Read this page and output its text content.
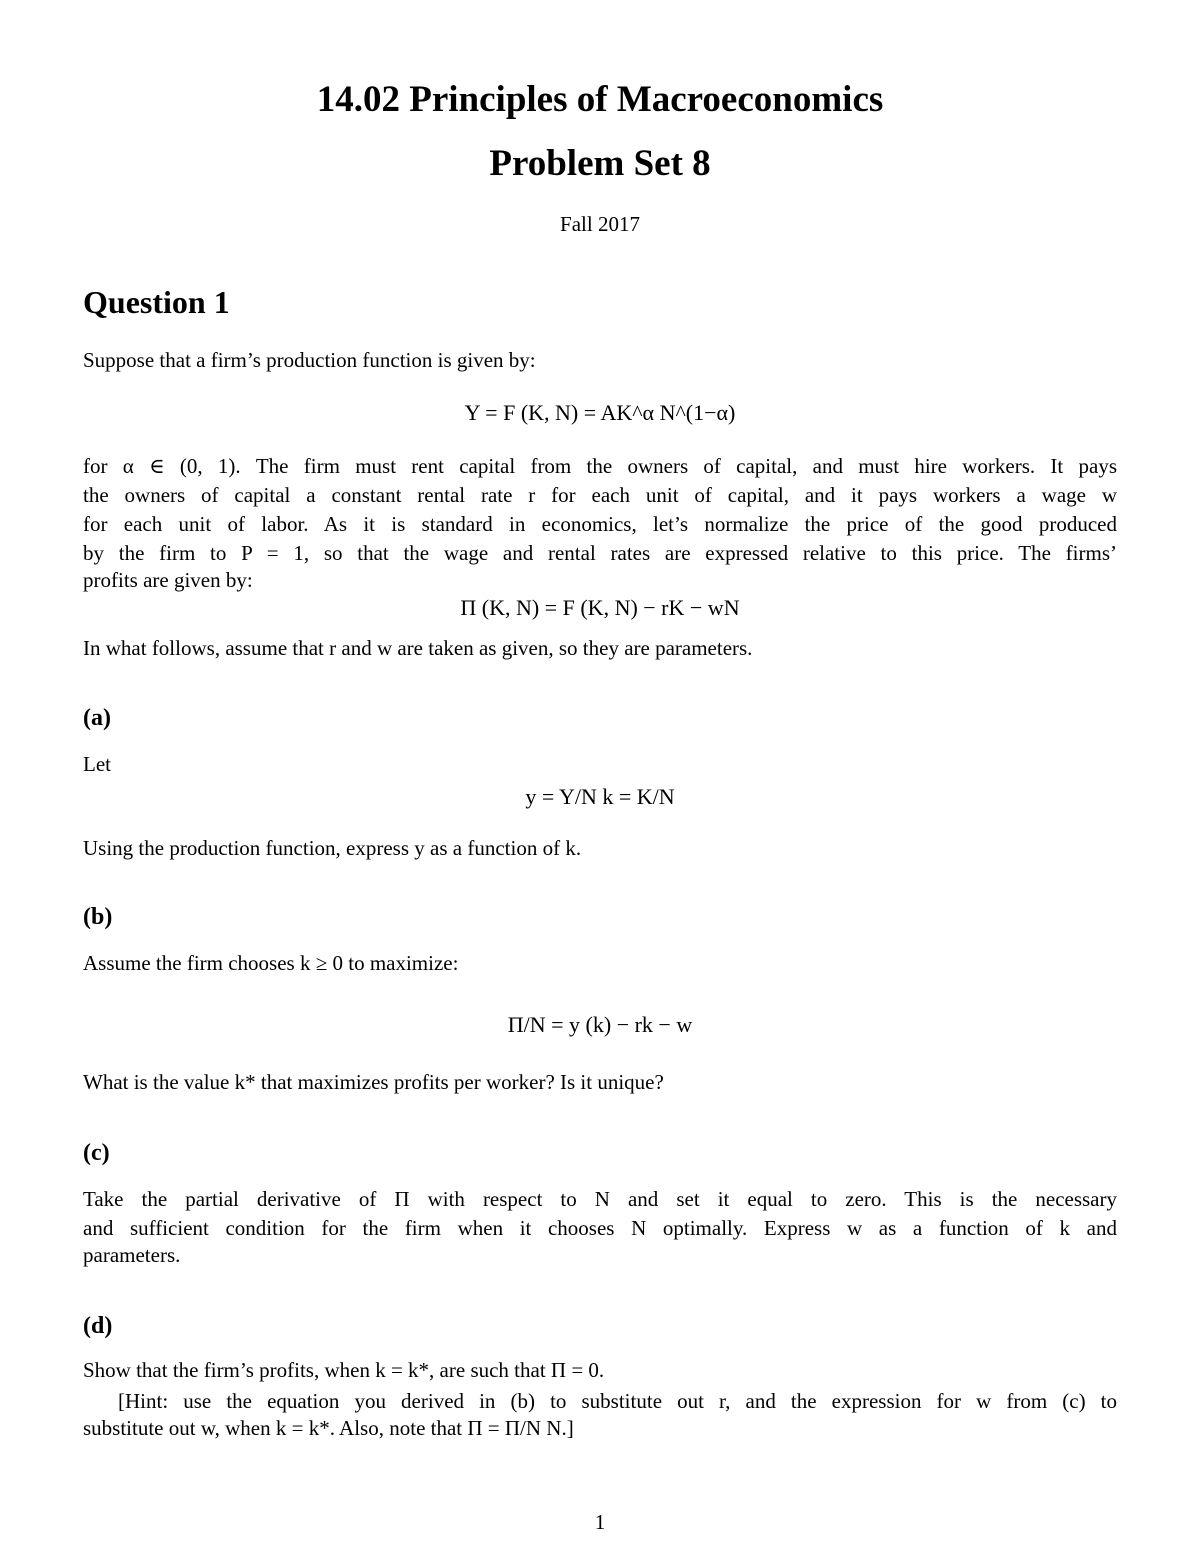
14.02 Principles of Macroeconomics
Problem Set 8
Fall 2017
Question 1
Suppose that a firm’s production function is given by:
Y = F (K, N) = AK^α N^(1−α)
for α ∈ (0, 1). The firm must rent capital from the owners of capital, and must hire workers. It pays
the owners of capital a constant rental rate r for each unit of capital, and it pays workers a wage w
for each unit of labor. As it is standard in economics, let’s normalize the price of the good produced
by the firm to P = 1, so that the wage and rental rates are expressed relative to this price. The firms’
profits are given by:
Π (K, N) = F (K, N) − rK − wN
In what follows, assume that r and w are taken as given, so they are parameters.
(a)
Let
y = Y/N k = K/N
Using the production function, express y as a function of k.
(b)
Assume the firm chooses k ≥ 0 to maximize:
Π/N = y (k) − rk − w
What is the value k* that maximizes profits per worker? Is it unique?
(c)
Take the partial derivative of Π with respect to N and set it equal to zero. This is the necessary
and sufficient condition for the firm when it chooses N optimally. Express w as a function of k and
parameters.
(d)
Show that the firm’s profits, when k = k*, are such that Π = 0.
[Hint: use the equation you derived in (b) to substitute out r, and the expression for w from (c) to
substitute out w, when k = k*. Also, note that Π = Π/N N.]
1
